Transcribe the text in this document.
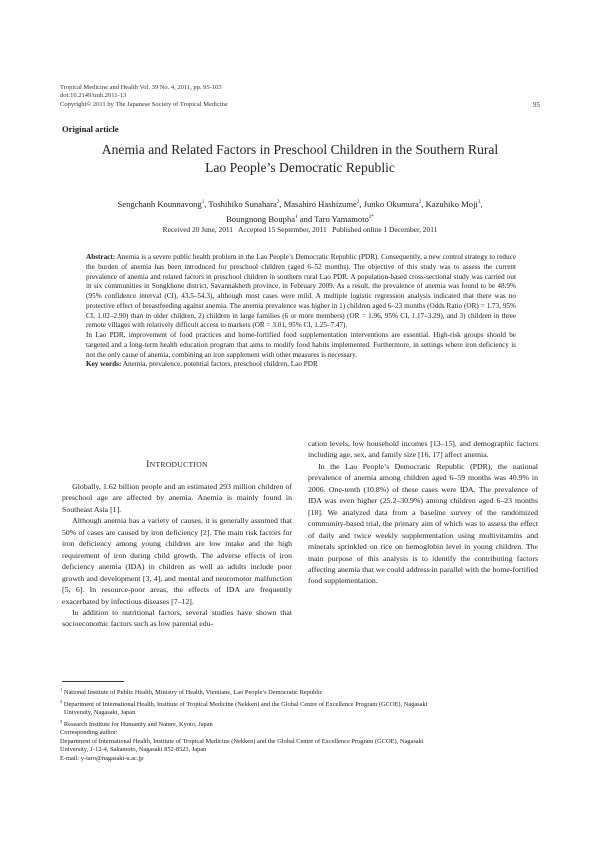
Tropical Medicine and Health Vol. 39 No. 4, 2011, pp. 95-103
doi:10.2149/tmh.2011-13
Copyright© 2011 by The Japanese Society of Tropical Medicine	95
Original article
Anemia and Related Factors in Preschool Children in the Southern Rural
Lao People’s Democratic Republic
Sengchanh Kounnavong$^1$, Toshihiko Sunahara$^2$, Masahiro Hashizume$^2$, Junko Okumura$^2$, Kazuhiko Moji$^3$,
Boungnong Boupha$^1$ and Taro Yamamoto$^{2*}$
Received 20 June, 2011   Accepted 15 September, 2011   Published online 1 December, 2011

Abstract: Anemia is a severe public health problem in the Lao People’s Democratic Republic (PDR). Consequently, a new control strategy to reduce the burden of anemia has been introduced for preschool children (aged 6–52 months). The objective of this study was to assess the current prevalence of anemia and related factors in preschool children in southern rural Lao PDR. A population-based cross-sectional study was carried out in six communities in Songkhone district, Savannakheth province, in February 2009. As a result, the prevalence of anemia was found to be 48.9% (95% confidence interval (CI), 43.5–54.3), although most cases were mild. A multiple logistic regression analysis indicated that there was no protective effect of breastfeeding against anemia. The anemia prevalence was higher in 1) children aged 6–23 months (Odds Ratio (OR) = 1.73, 95% CI, 1.02–2.90) than in older children, 2) children in large families (6 or more members) (OR = 1.96, 95% CI, 1.17–3.29), and 3) children in three remote villages with relatively difficult access to markets (OR = 3.01, 95% CI, 1.25–7.47).

In Lao PDR, improvement of food practices and home-fortified food supplementation interventions are essential. High-risk groups should be targeted and a long-term health education program that aims to modify food habits implemented. Furthermore, in settings where iron deficiency is not the only cause of anemia, combining an iron supplement with other measures is necessary.

Key words: Anemia, prevalence, potential factors, preschool children, Lao PDR

INTRODUCTION

Globally, 1.62 billion people and an estimated 293 million children of preschool age are affected by anemia. Anemia is mainly found in Southeast Asia [1].

Although anemia has a variety of causes, it is generally assumed that 50% of cases are caused by iron deficiency [2]. The main risk factors for iron deficiency among young children are low intake and the high requirement of iron during child growth. The adverse effects of iron deficiency anemia (IDA) in children as well as adults include poor growth and development [3, 4], and mental and neuromotor malfunction [5, 6]. In resource-poor areas, the effects of IDA are frequently exacerbated by infectious diseases [7–12].

In addition to nutritional factors, several studies have shown that socioeconomic factors such as low parental edu-

cation levels, low household incomes [13–15], and demographic factors including age, sex, and family size [16, 17] affect anemia.

In the Lao People’s Democratic Republic (PDR), the national prevalence of anemia among children aged 6–59 months was 40.9% in 2006. One-tenth (10.8%) of these cases were IDA. The prevalence of IDA was even higher (25.2–30.9%) among children aged 6–23 months [18]. We analyzed data from a baseline survey of the randomized community-based trial, the primary aim of which was to assess the effect of daily and twice weekly supplementation using multivitamins and minerals sprinkled on rice on hemoglobin level in young children. The main purpose of this analysis is to identify the contributing factors affecting anemia that we could address in parallel with the home-fortified food supplementation.

$^1$ National Institute of Public Health, Ministry of Health, Vientiane, Lao People’s Democratic Republic
$^2$ Department of International Health, Institute of Tropical Medicine (Nekken) and the Global Centre of Excellence Program (GCOE), Nagasaki
University, Nagasaki, Japan
$^3$ Research Institute for Humanity and Nature, Kyoto, Japan
Corresponding author:
Department of International Health, Institute of Tropical Medicine (Nekken) and the Global Centre of Excellence Program (GCOE), Nagasaki
University, 1-12-4, Sakamoto, Nagasaki 852-8523, Japan
E-mail: y-taro@nagasaki-u.ac.jp
